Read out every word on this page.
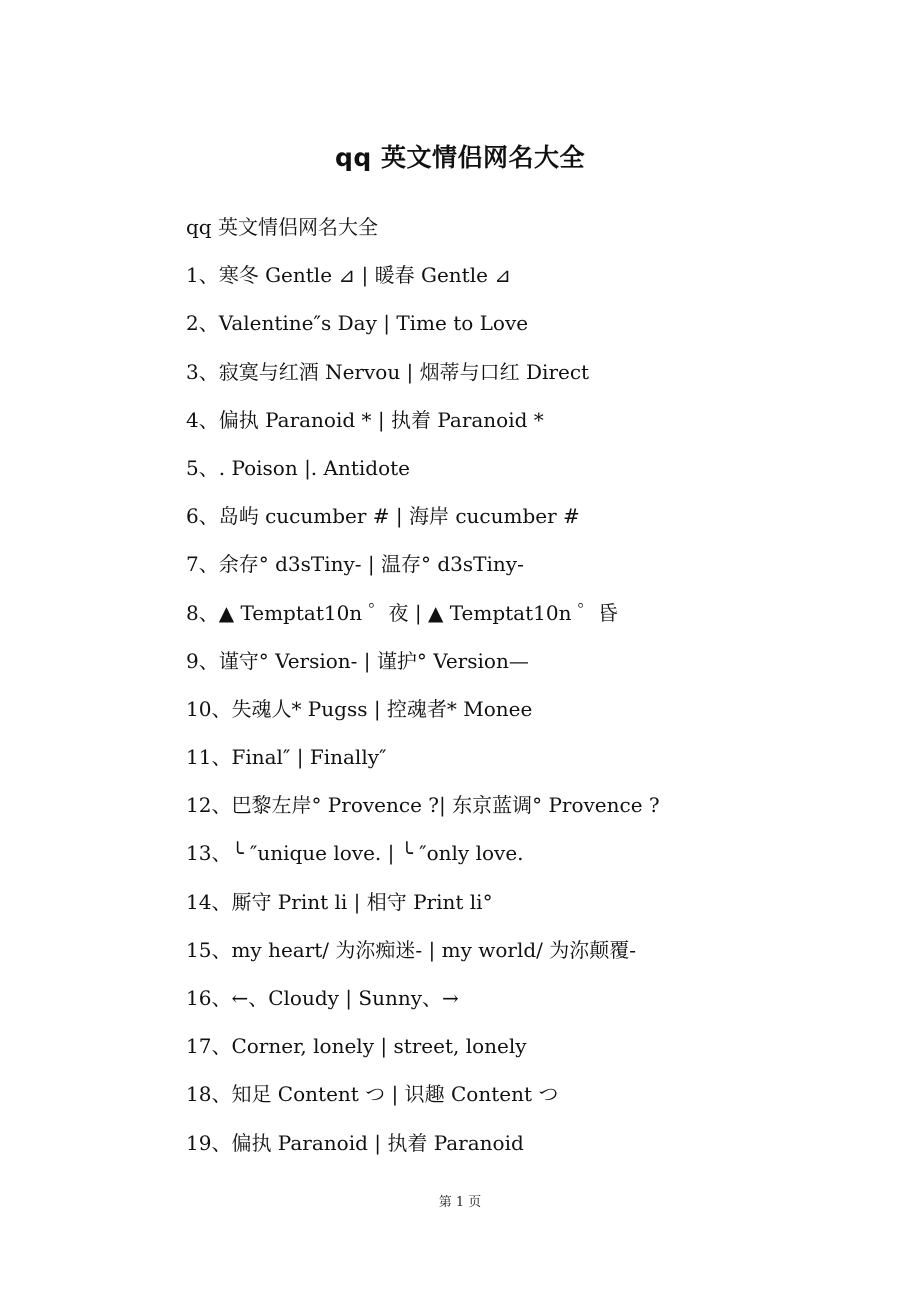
qq 英文情侣网名大全
qq 英文情侣网名大全
1、寒冬 Gentle ⊿ | 暖春 Gentle ⊿
2、Valentine″s Day | Time to Love
3、寂寞与红酒 Nervou | 烟蒂与口红 Direct
4、偏执 Paranoid * | 执着 Paranoid *
5、. Poison |. Antidote
6、岛屿 cucumber # | 海岸 cucumber #
7、余存° d3sTiny- | 温存° d3sTiny-
8、▲ Temptat10n ゜夜 | ▲ Temptat10n ゜昏
9、谨守° Version- | 谨护° Version—
10、失魂人* Pugss | 控魂者* Monee
11、Final″ | Finally″
12、巴黎左岸° Provence ?| 东京蓝调° Provence ?
13、╰ ″unique love. | ╰ ″only love.
14、厮守 Print li | 相守 Print li°
15、my heart/ 为沵痴迷- | my world/ 为沵颠覆-
16、←、Cloudy | Sunny、→
17、Corner, lonely | street, lonely
18、知足 Content つ | 识趣 Content つ
19、偏执 Paranoid | 执着 Paranoid
第 1 页
